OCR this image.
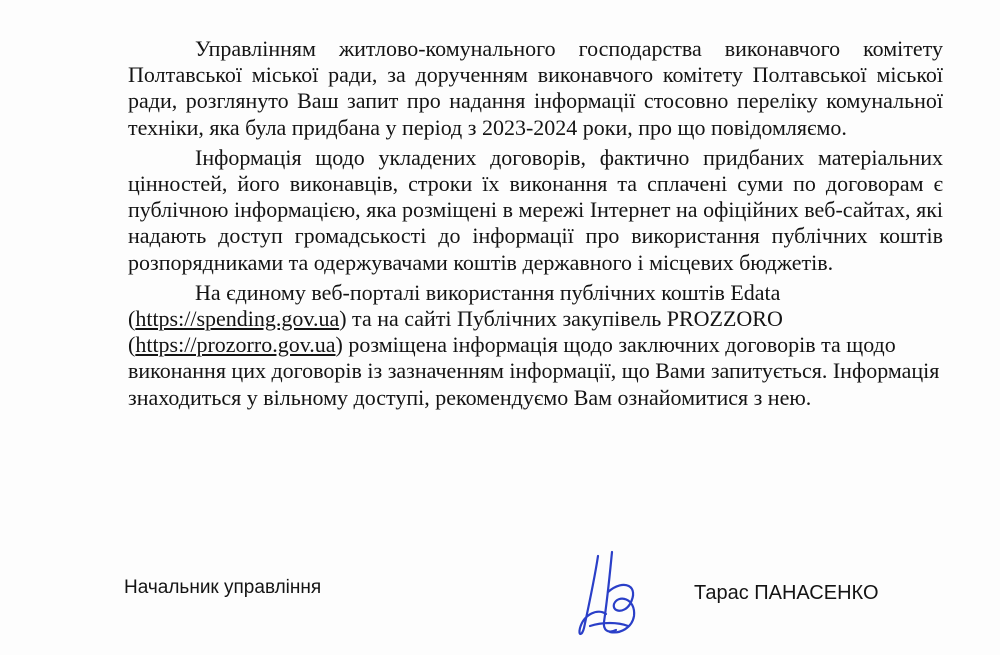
Управлінням житлово-комунального господарства виконавчого комітету Полтавської міської ради, за дорученням виконавчого комітету Полтавської міської ради, розглянуто Ваш запит про надання інформації стосовно переліку комунальної техніки, яка була придбана у період з 2023-2024 роки, про що повідомляємо.

Інформація щодо укладених договорів, фактично придбаних матеріальних цінностей, його виконавців, строки їх виконання та сплачені суми по договорам є публічною інформацією, яка розміщені в мережі Інтернет на офіційних веб-сайтах, які надають доступ громадськості до інформації про використання публічних коштів розпорядниками та одержувачами коштів державного і місцевих бюджетів.

На єдиному веб-порталі використання публічних коштів Edata (https://spending.gov.ua) та на сайті Публічних закупівель PROZZORO (https://prozorro.gov.ua) розміщена інформація щодо заключних договорів та щодо виконання цих договорів із зазначенням інформації, що Вами запитується. Інформація знаходиться у вільному доступі, рекомендуємо Вам ознайомитися з нею.

Начальник управління	Тарас ПАНАСЕНКО
